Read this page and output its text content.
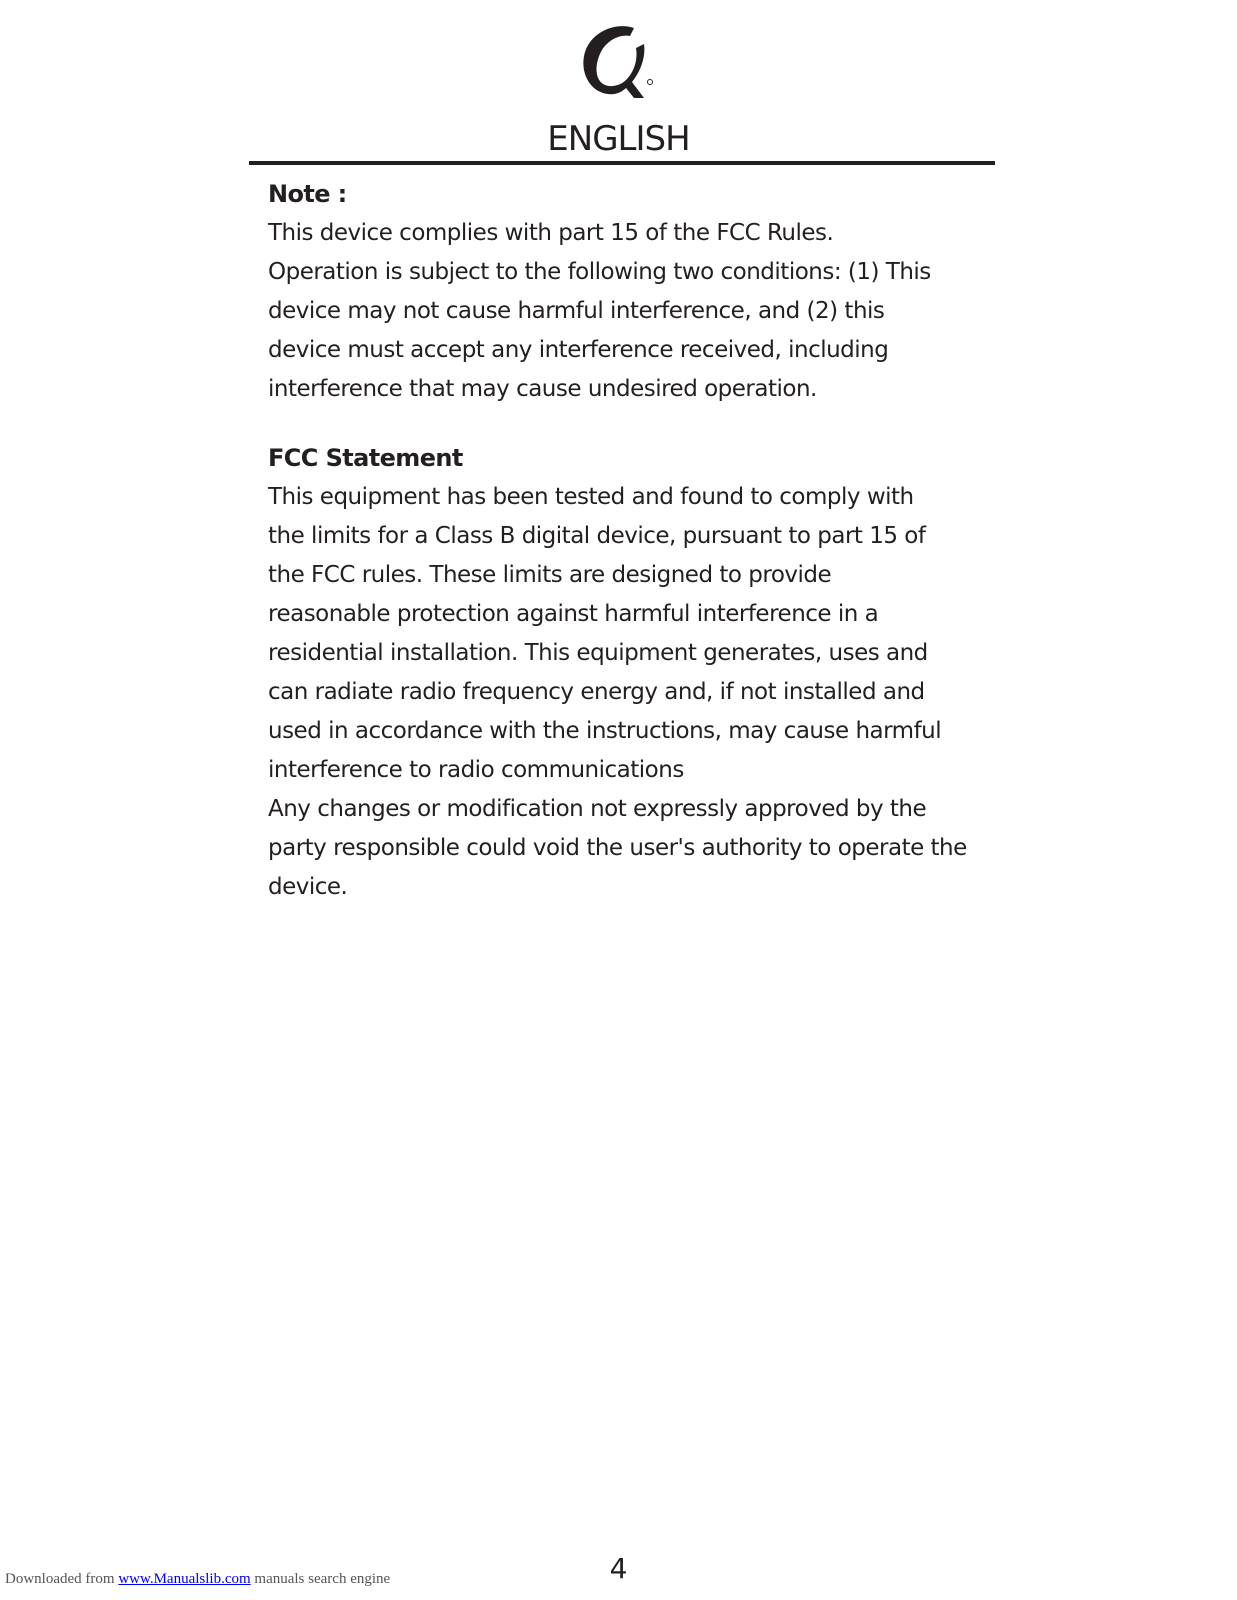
ENGLISH

Note :

This device complies with part 15 of the FCC Rules.

Operation is subject to the following two conditions: (1) This

device may not cause harmful interference, and (2) this

device must accept any interference received, including

interference that may cause undesired operation.

FCC Statement

This equipment has been tested and found to comply with

the limits for a Class B digital device, pursuant to part 15 of

the FCC rules. These limits are designed to provide

reasonable protection against harmful interference in a

residential installation. This equipment generates, uses and

can radiate radio frequency energy and, if not installed and

used in accordance with the instructions, may cause harmful

interference to radio communications

Any changes or modification not expressly approved by the

party responsible could void the user's authority to operate the

device.

4
Downloaded from www.Manualslib.com manuals search engine
